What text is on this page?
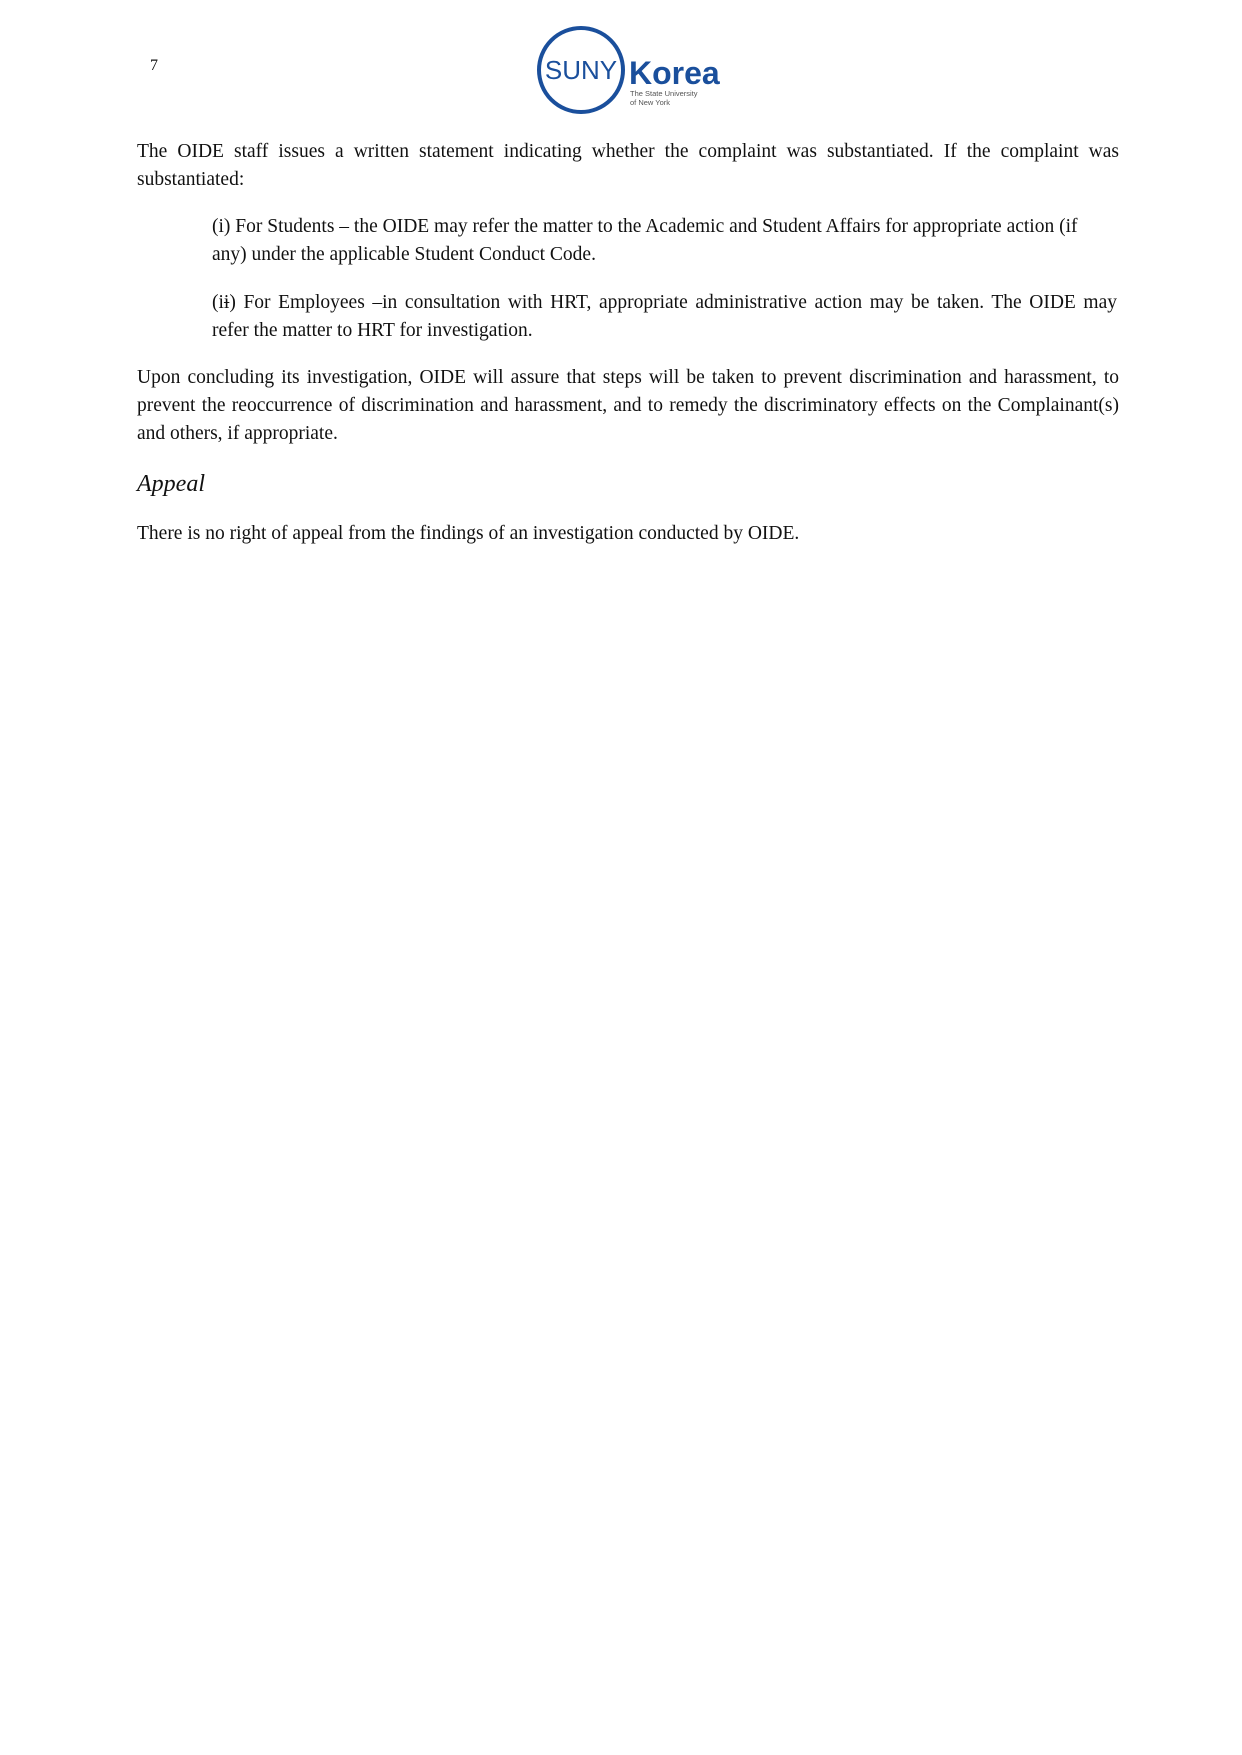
7	SUNY Korea
The State University
of New York

The OIDE staff issues a written statement indicating whether the complaint was substantiated. If the complaint was substantiated:

(i) For Students – the OIDE may refer the matter to the Academic and Student Affairs for appropriate action (if any) under the applicable Student Conduct Code.

(ii) For Employees –in consultation with HRT, appropriate administrative action may be taken. The OIDE may refer the matter to HRT for investigation.

Upon concluding its investigation, OIDE will assure that steps will be taken to prevent discrimination and harassment, to prevent the reoccurrence of discrimination and harassment, and to remedy the discriminatory effects on the Complainant(s) and others, if appropriate.

Appeal

There is no right of appeal from the findings of an investigation conducted by OIDE.
